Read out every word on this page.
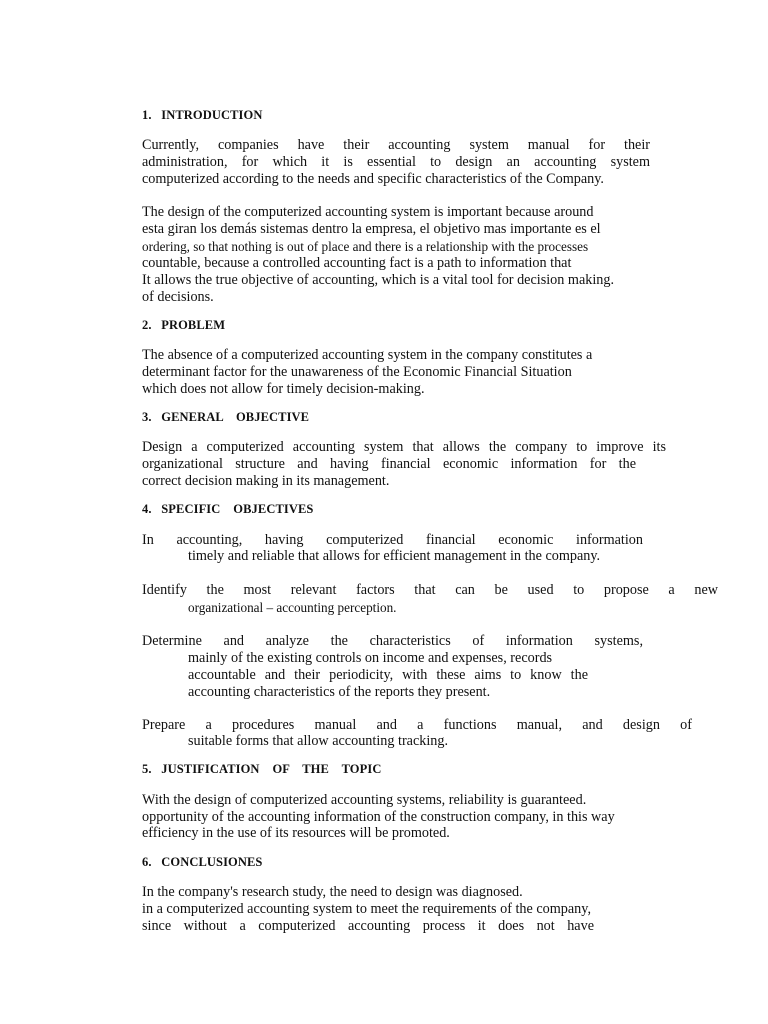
1.   INTRODUCTION
Currently, companies have their accounting system manual for their
administration, for which it is essential to design an accounting system
computerized according to the needs and specific characteristics of the Company.
The design of the computerized accounting system is important because around
esta giran los demás sistemas dentro la empresa, el objetivo mas importante es el
ordering, so that nothing is out of place and there is a relationship with the processes
countable, because a controlled accounting fact is a path to information that
It allows the true objective of accounting, which is a vital tool for decision making.
of decisions.
2.   PROBLEM
The absence of a computerized accounting system in the company constitutes a
determinant factor for the unawareness of the Economic Financial Situation
which does not allow for timely decision-making.
3.   GENERAL    OBJECTIVE
Design a computerized accounting system that allows the company to improve its
organizational structure and having financial economic information for the
correct decision making in its management.
4.   SPECIFIC    OBJECTIVES
In accounting, having computerized financial economic information
timely and reliable that allows for efficient management in the company.
Identify the most relevant factors that can be used to propose a new
organizational – accounting perception.
Determine and analyze the characteristics of information systems,
mainly of the existing controls on income and expenses, records
accountable and their periodicity, with these aims to know the
accounting characteristics of the reports they present.
Prepare a procedures manual and a functions manual, and design of
suitable forms that allow accounting tracking.
5.   JUSTIFICATION    OF    THE    TOPIC
With the design of computerized accounting systems, reliability is guaranteed.
opportunity of the accounting information of the construction company, in this way
efficiency in the use of its resources will be promoted.
6.   CONCLUSIONES
In the company's research study, the need to design was diagnosed.
in a computerized accounting system to meet the requirements of the company,
since without a computerized accounting process it does not have
